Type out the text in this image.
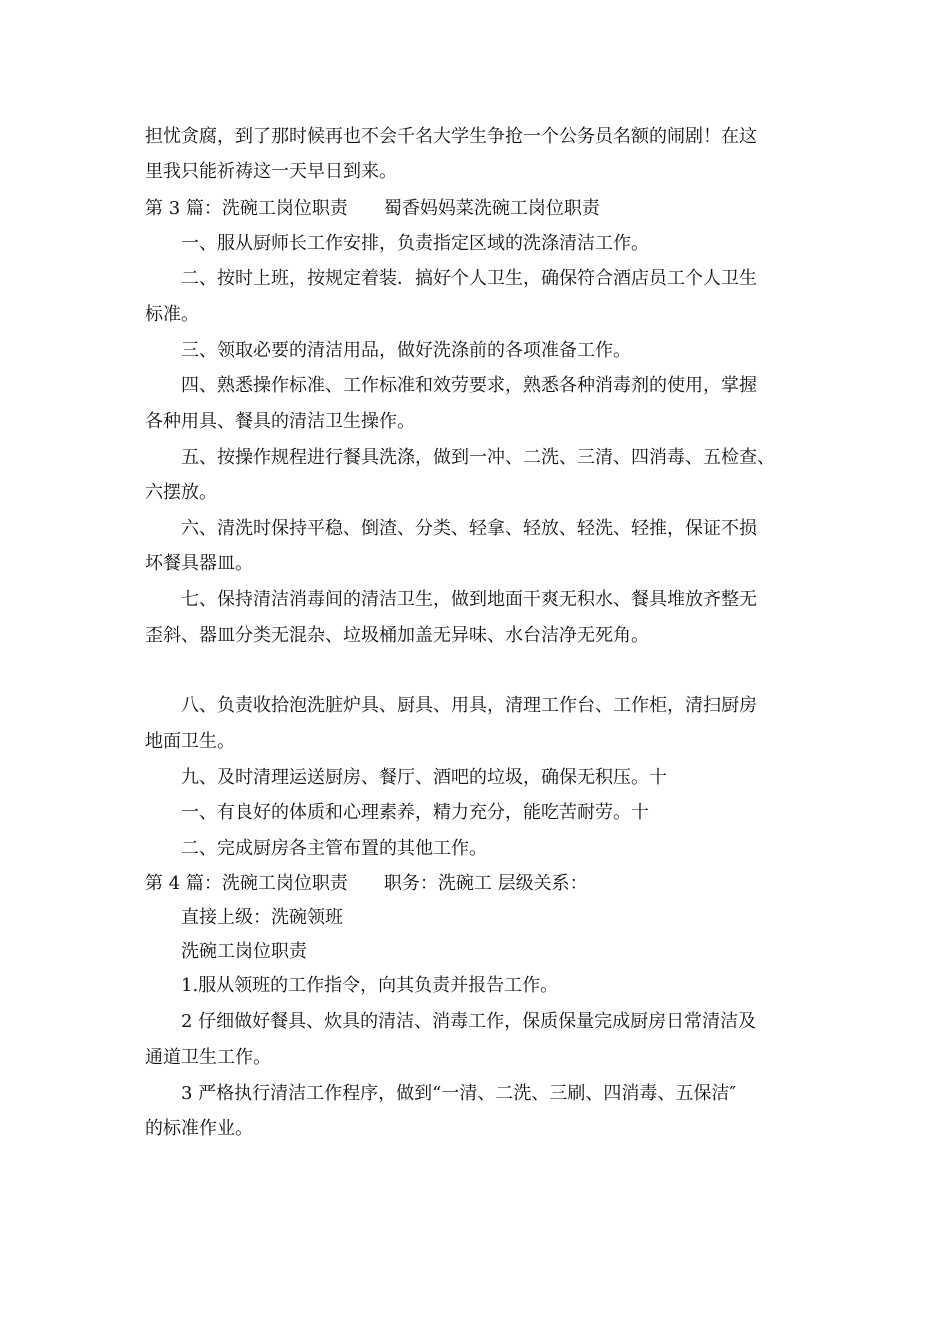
担忧贪腐，到了那时候再也不会千名大学生争抢一个公务员名额的闹剧！在这
里我只能祈祷这一天早日到来。
第 3 篇：洗碗工岗位职责　　蜀香妈妈菜洗碗工岗位职责
一、服从厨师长工作安排，负责指定区域的洗涤清洁工作。
二、按时上班，按规定着装．搞好个人卫生，确保符合酒店员工个人卫生
标准。
三、领取必要的清洁用品，做好洗涤前的各项准备工作。
四、熟悉操作标准、工作标准和效劳要求，熟悉各种消毒剂的使用，掌握
各种用具、餐具的清洁卫生操作。
五、按操作规程进行餐具洗涤，做到一冲、二洗、三清、四消毒、五检查、
六摆放。
六、清洗时保持平稳、倒渣、分类、轻拿、轻放、轻洗、轻推，保证不损
坏餐具器皿。
七、保持清洁消毒间的清洁卫生，做到地面干爽无积水、餐具堆放齐整无
歪斜、器皿分类无混杂、垃圾桶加盖无异味、水台洁净无死角。
八、负责收拾泡洗脏炉具、厨具、用具，清理工作台、工作柜，清扫厨房
地面卫生。
九、及时清理运送厨房、餐厅、酒吧的垃圾，确保无积压。十
一、有良好的体质和心理素养，精力充分，能吃苦耐劳。十
二、完成厨房各主管布置的其他工作。
第 4 篇：洗碗工岗位职责　　职务：洗碗工 层级关系：
直接上级：洗碗领班
洗碗工岗位职责
1.服从领班的工作指令，向其负责并报告工作。
2 仔细做好餐具、炊具的清洁、消毒工作，保质保量完成厨房日常清洁及
通道卫生工作。
3 严格执行清洁工作程序，做到“一清、二洗、三刷、四消毒、五保洁″
的标准作业。
